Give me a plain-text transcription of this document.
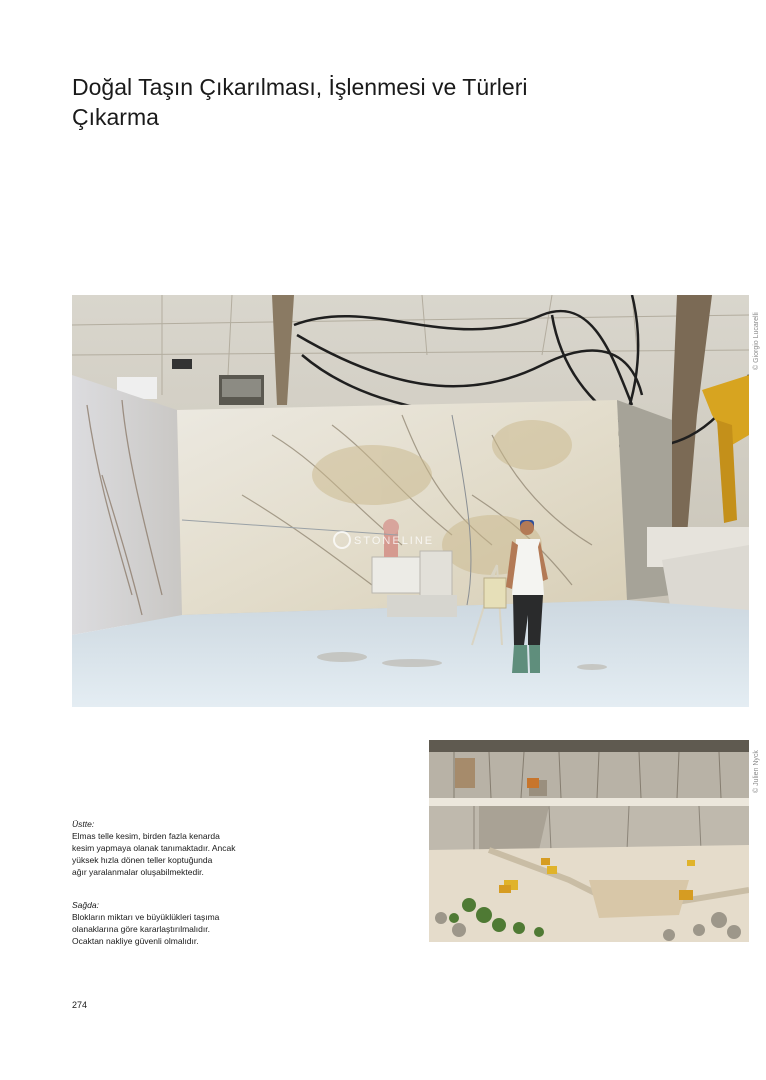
Doğal Taşın Çıkarılması, İşlenmesi ve Türleri
Çıkarma
STONELINE
© Giorgio Lucarelli
© Julien Nyck
Üstte:
Elmas telle kesim, birden fazla kenarda
kesim yapmaya olanak tanımaktadır. Ancak
yüksek hızla dönen teller koptuğunda
ağır yaralanmalar oluşabilmektedir.
Sağda:
Blokların miktarı ve büyüklükleri taşıma
olanaklarına göre kararlaştırılmalıdır.
Ocaktan nakliye güvenli olmalıdır.
274
